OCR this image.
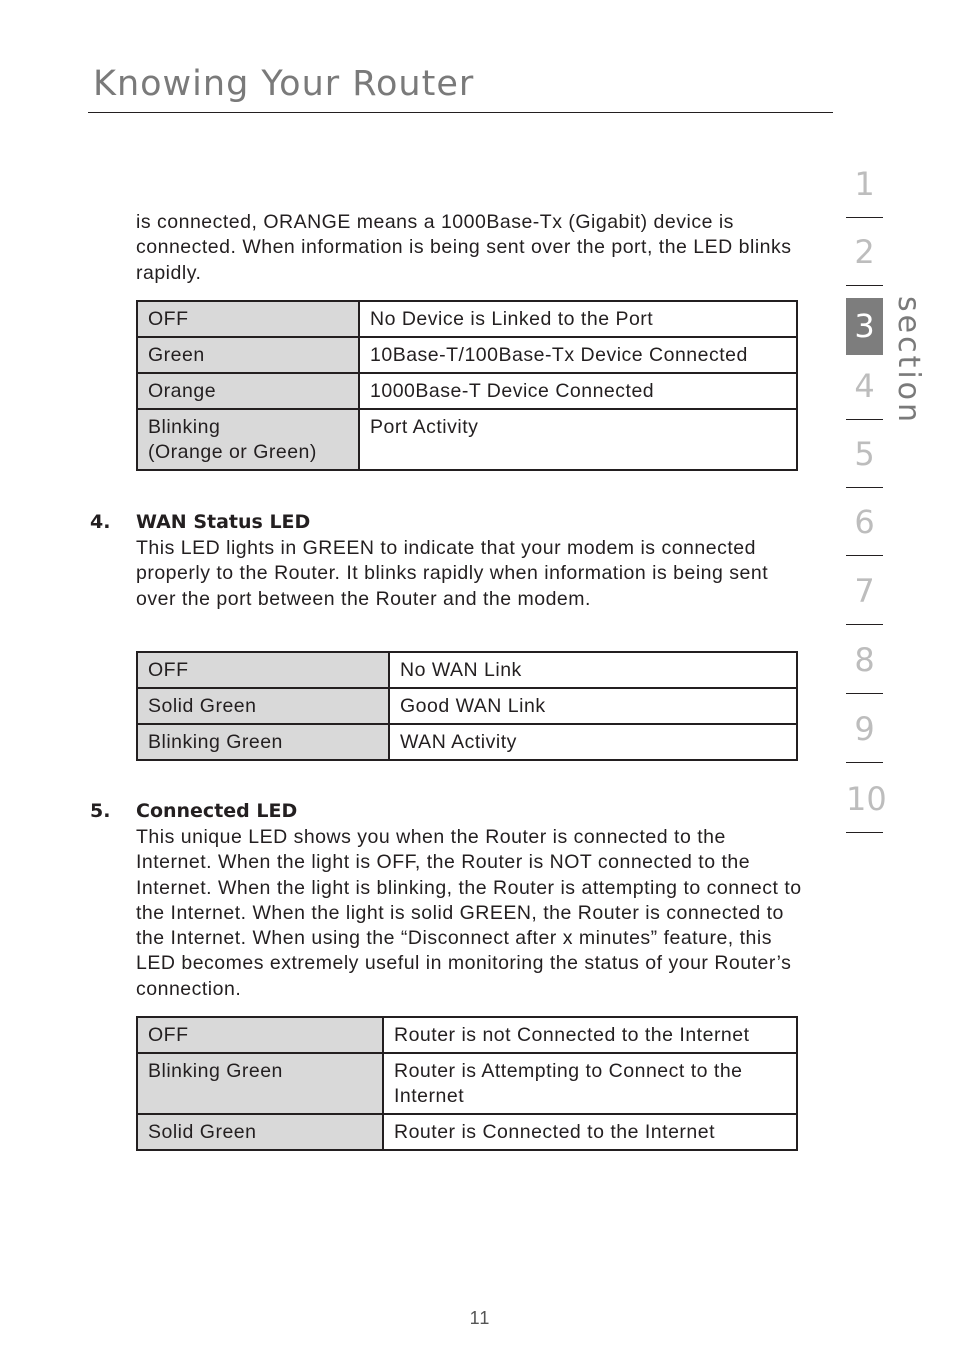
Knowing Your Router

is connected, ORANGE means a 1000Base-Tx (Gigabit) device is connected. When information is being sent over the port, the LED blinks rapidly.

OFF	No Device is Linked to the Port
Green	10Base-T/100Base-Tx Device Connected
Orange	1000Base-T Device Connected
Blinking
(Orange or Green)	Port Activity
4. WAN Status LED

This LED lights in GREEN to indicate that your modem is connected properly to the Router. It blinks rapidly when information is being sent over the port between the Router and the modem.

OFF	No WAN Link
Solid Green	Good WAN Link
Blinking Green	WAN Activity
5. Connected LED

This unique LED shows you when the Router is connected to the Internet. When the light is OFF, the Router is NOT connected to the Internet. When the light is blinking, the Router is attempting to connect to the Internet. When the light is solid GREEN, the Router is connected to the Internet. When using the “Disconnect after x minutes” feature, this LED becomes extremely useful in monitoring the status of your Router’s connection.

OFF	Router is not Connected to the Internet
Blinking Green	Router is Attempting to Connect to the Internet
Solid Green	Router is Connected to the Internet
1
2
3
4
5
6
7
8
9
10
section
11
